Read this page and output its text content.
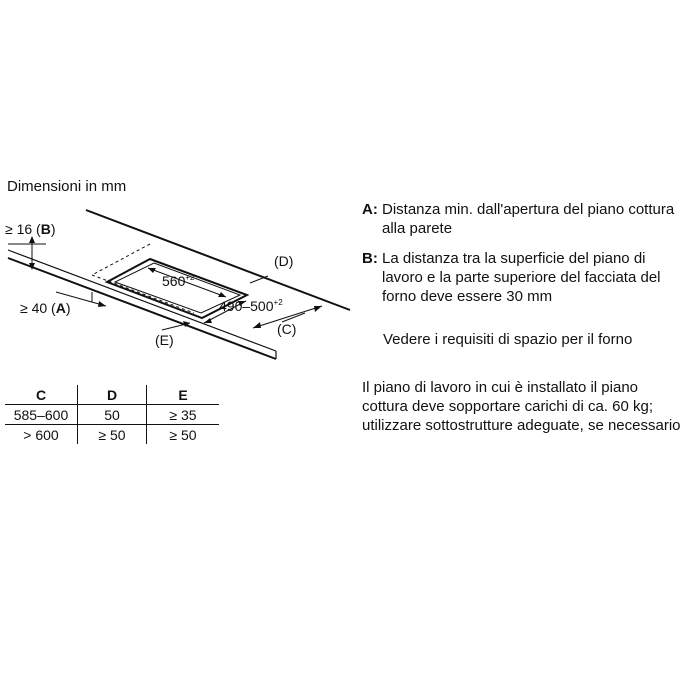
Dimensioni in mm
≥ 16 (B)
≥ 40 (A)
$560^{+2}$
$490-500^{+2}$
(D)
(C)
(E)
C	D	E
585–600	50	≥ 35
> 600	≥ 50	≥ 50
A: Distanza min. dall'apertura del piano cottura alla parete
B: La distanza tra la superficie del piano di lavoro e la parte superiore del facciata del forno deve essere 30 mm
Vedere i requisiti di spazio per il forno
Il piano di lavoro in cui è installato il piano cottura deve sopportare carichi di ca. 60 kg; utilizzare sottostrutture adeguate, se necessario
